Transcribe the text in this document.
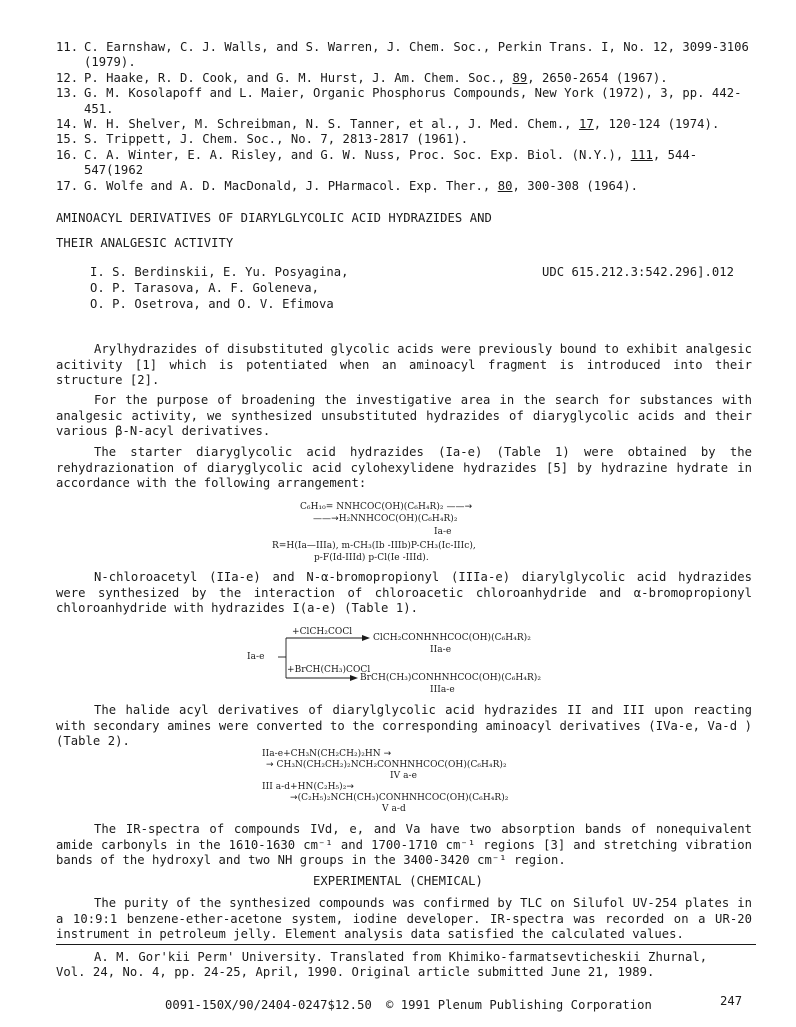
11. C. Earnshaw, C. J. Walls, and S. Warren, J. Chem. Soc., Perkin Trans. I, No. 12, 3099-3106 (1979).
12. P. Haake, R. D. Cook, and G. M. Hurst, J. Am. Chem. Soc., 89, 2650-2654 (1967).
13. G. M. Kosolapoff and L. Maier, Organic Phosphorus Compounds, New York (1972), 3, pp. 442-451.
14. W. H. Shelver, M. Schreibman, N. S. Tanner, et al., J. Med. Chem., 17, 120-124 (1974).
15. S. Trippett, J. Chem. Soc., No. 7, 2813-2817 (1961).
16. C. A. Winter, E. A. Risley, and G. W. Nuss, Proc. Soc. Exp. Biol. (N.Y.), 111, 544-547(1962
17. G. Wolfe and A. D. MacDonald, J. PHarmacol. Exp. Ther., 80, 300-308 (1964).
AMINOACYL DERIVATIVES OF DIARYLGLYCOLIC ACID HYDRAZIDES AND
THEIR ANALGESIC ACTIVITY
I. S. Berdinskii, E. Yu. Posyagina,
O. P. Tarasova, A. F. Goleneva,
O. P. Osetrova, and O. V. Efimova
UDC 615.212.3:542.296].012
Arylhydrazides of disubstituted glycolic acids were previously bound to exhibit analgesic acitivity [1] which is potentiated when an aminoacyl fragment is introduced into their structure [2].
For the purpose of broadening the investigative area in the search for substances with analgesic activity, we synthesized unsubstituted hydrazides of diaryglycolic acids and their various β-N-acyl derivatives.
The starter diaryglycolic acid hydrazides (Ia-e) (Table 1) were obtained by the rehydrazionation of diaryglycolic acid cylohexylidene hydrazides [5] by hydrazine hydrate in accordance with the following arrangement:
C₆H₁₀= NNHCOC(OH)(C₆H₄R)₂ ——→
——→H₂NNHCOC(OH)(C₆H₄R)₂
Ia-e
R=H(Ia—IIIa), m-CH₃(Ib -IIIb)P-CH₃(Ic-IIIc),
p-F(Id-IIId) p-Cl(Ie -IIId).
N-chloroacetyl (IIa-e) and N-α-bromopropionyl (IIIa-e) diarylglycolic acid hydrazides were synthesized by the interaction of chloroacetic chloroanhydride and α-bromopropionyl chloroanhydride with hydrazides I(a-e) (Table 1).
Ia-e
+ClCH₂COCl
ClCH₂CONHNHCOC(OH)(C₆H₄R)₂
IIa-e
+BrCH(CH₃)COCl
BrCH(CH₃)CONHNHCOC(OH)(C₆H₄R)₂
IIIa-e
The halide acyl derivatives of diarylglycolic acid hydrazides II and III upon reacting with secondary amines were converted to the corresponding aminoacyl derivatives (IVa-e, Va-d ) (Table 2).
IIa-e+CH₃N(CH₂CH₂)₂HN →
→ CH₃N(CH₂CH₂)₂NCH₂CONHNHCOC(OH)(C₆H₄R)₂
IV a-e
III a-d+HN(C₂H₅)₂→
→(C₂H₅)₂NCH(CH₃)CONHNHCOC(OH)(C₆H₄R)₂
V a-d
The IR-spectra of compounds IVd, e, and Va have two absorption bands of nonequivalent amide carbonyls in the 1610-1630 cm⁻¹ and 1700-1710 cm⁻¹ regions [3] and stretching vibration bands of the hydroxyl and two NH groups in the 3400-3420 cm⁻¹ region.
EXPERIMENTAL (CHEMICAL)
The purity of the synthesized compounds was confirmed by TLC on Silufol UV-254 plates in a 10:9:1 benzene-ether-acetone system, iodine developer. IR-spectra was recorded on a UR-20 instrument in petroleum jelly. Element analysis data satisfied the calculated values.
A. M. Gor'kii Perm' University. Translated from Khimiko-farmatsevticheskii Zhurnal,
Vol. 24, No. 4, pp. 24-25, April, 1990. Original article submitted June 21, 1989.
0091-150X/90/2404-0247$12.50 © 1991 Plenum Publishing Corporation	247
